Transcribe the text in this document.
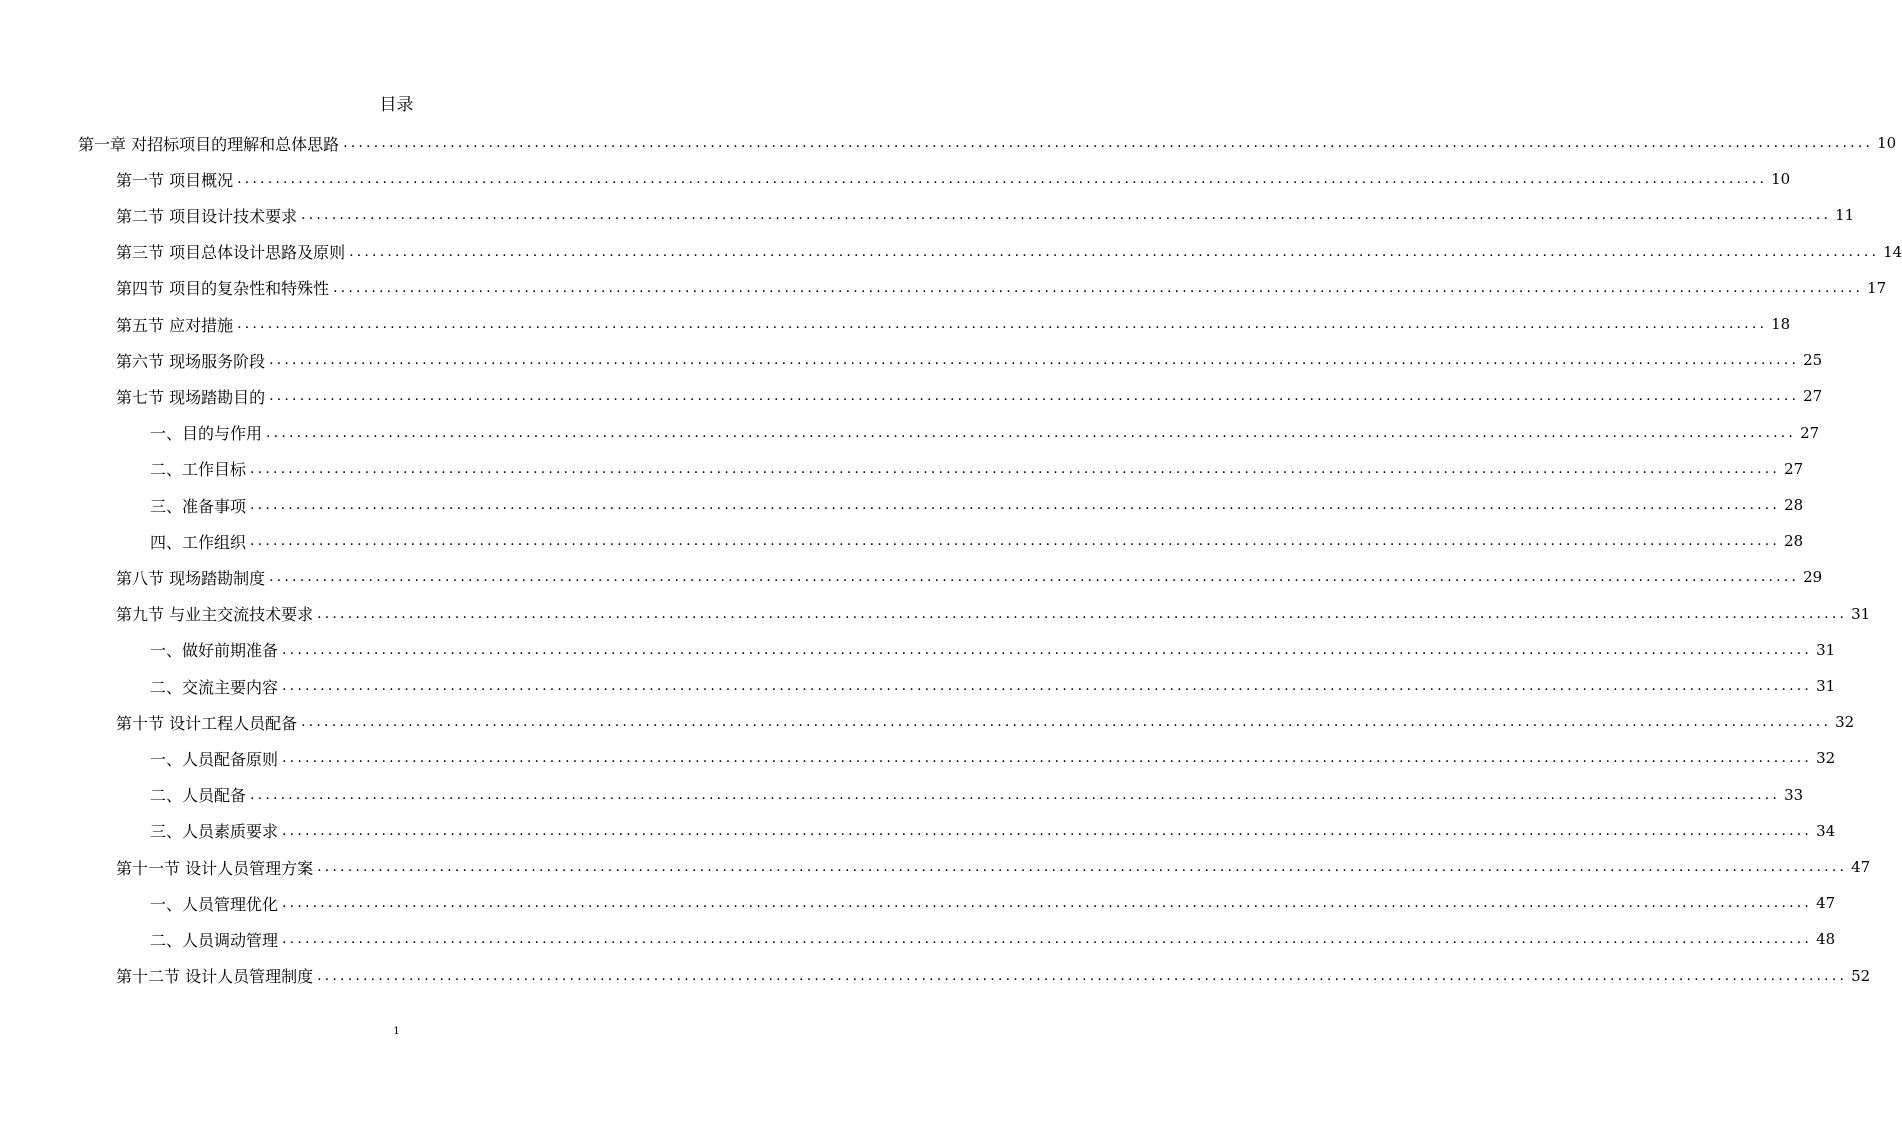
目录
第一章 对招标项目的理解和总体思路 ........................................................................................................................................................................................................ 10
第一节 项目概况 ........................................................................................................................................................................................................ 10
第二节 项目设计技术要求 ........................................................................................................................................................................................................ 11
第三节 项目总体设计思路及原则 ........................................................................................................................................................................................................ 14
第四节 项目的复杂性和特殊性 ........................................................................................................................................................................................................ 17
第五节 应对措施 ........................................................................................................................................................................................................ 18
第六节 现场服务阶段 ........................................................................................................................................................................................................ 25
第七节 现场踏勘目的 ........................................................................................................................................................................................................ 27
一、目的与作用 ........................................................................................................................................................................................................ 27
二、工作目标 ........................................................................................................................................................................................................ 27
三、准备事项 ........................................................................................................................................................................................................ 28
四、工作组织 ........................................................................................................................................................................................................ 28
第八节 现场踏勘制度 ........................................................................................................................................................................................................ 29
第九节 与业主交流技术要求 ........................................................................................................................................................................................................ 31
一、做好前期准备 ........................................................................................................................................................................................................ 31
二、交流主要内容 ........................................................................................................................................................................................................ 31
第十节 设计工程人员配备 ........................................................................................................................................................................................................ 32
一、人员配备原则 ........................................................................................................................................................................................................ 32
二、人员配备 ........................................................................................................................................................................................................ 33
三、人员素质要求 ........................................................................................................................................................................................................ 34
第十一节 设计人员管理方案 ........................................................................................................................................................................................................ 47
一、人员管理优化 ........................................................................................................................................................................................................ 47
二、人员调动管理 ........................................................................................................................................................................................................ 48
第十二节 设计人员管理制度 ........................................................................................................................................................................................................ 52
1
